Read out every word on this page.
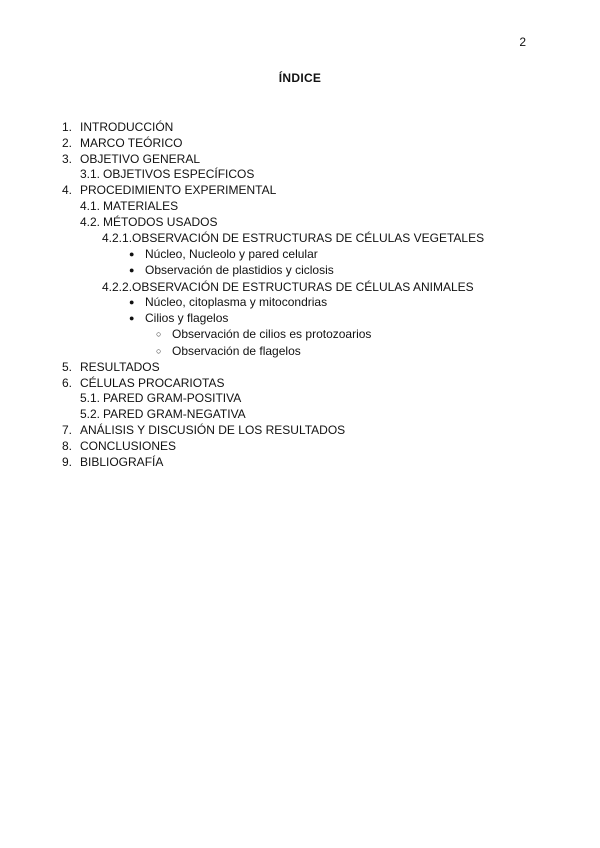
2
ÍNDICE
1. INTRODUCCIÓN
2. MARCO TEÓRICO
3. OBJETIVO GENERAL
3.1. OBJETIVOS ESPECÍFICOS
4. PROCEDIMIENTO EXPERIMENTAL
4.1. MATERIALES
4.2. MÉTODOS USADOS
4.2.1. OBSERVACIÓN DE ESTRUCTURAS DE CÉLULAS VEGETALES
● Núcleo, Nucleolo y pared celular
● Observación de plastidios y ciclosis
4.2.2. OBSERVACIÓN DE ESTRUCTURAS DE CÉLULAS ANIMALES
● Núcleo, citoplasma y mitocondrias
● Cilios y flagelos
○ Observación de cilios es protozoarios
○ Observación de flagelos
5. RESULTADOS
6. CÉLULAS PROCARIOTAS
5.1. PARED GRAM-POSITIVA
5.2. PARED GRAM-NEGATIVA
7. ANÁLISIS Y DISCUSIÓN DE LOS RESULTADOS
8. CONCLUSIONES
9. BIBLIOGRAFÍA
